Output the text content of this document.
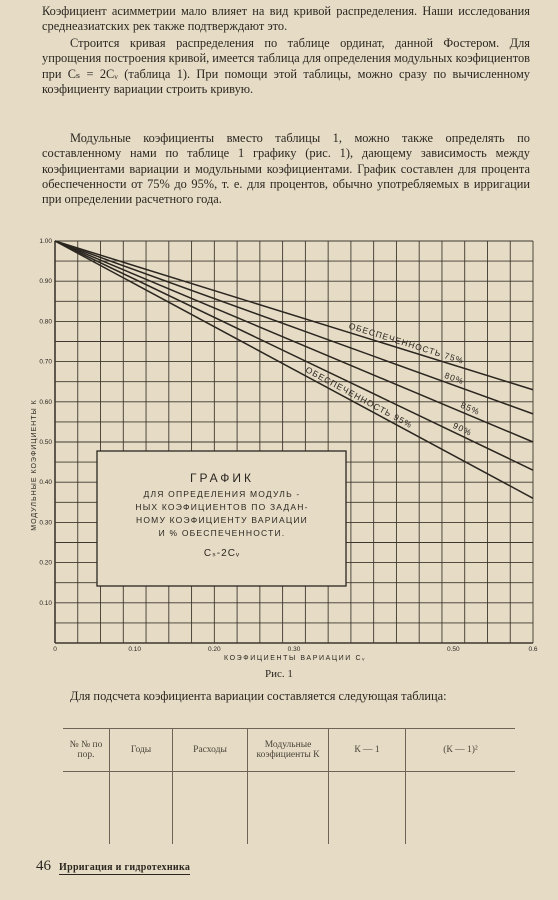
Коэфициент асимметрии мало влияет на вид кривой распределения. Наши исследования среднеазиатских рек также подтверждают это.

Строится кривая распределения по таблице ординат, данной Фостером. Для упрощения построения кривой, имеется таблица для определения модульных коэфициентов при Cₛ = 2Cᵥ (таблица 1). При помощи этой таблицы, можно сразу по вычисленному коэфициенту вариации строить кривую.

Модульные коэфициенты вместо таблицы 1, можно также определять по составленному нами по таблице 1 графику (рис. 1), дающему зависимость между коэфициентами вариации и модульными коэфициентами. График составлен для процента обеспеченности от 75% до 95%, т. е. для процентов, обычно употребляемых в ирригации при определении расчетного года.

ОБЕСПЕЧЕННОСТЬ 75%
80%
85%
90%
ОБЕСПЕЧЕННОСТЬ 95%
0	0.10	0.20	0.30	0.50	0.6
1.00
0.90
0.80
0.70
0.60
0.50
0.40
0.30
0.20
0.10
ГРАФИК
ДЛЯ ОПРЕДЕЛЕНИЯ МОДУЛЬ -
НЫХ КОЭФИЦИЕНТОВ ПО ЗАДАН-
НОМУ КОЭФИЦИЕНТУ ВАРИАЦИИ
И % ОБЕСПЕЧЕННОСТИ.
Cₛ-2Cᵥ
МОДУЛЬНЫЕ КОЭФИЦИЕНТЫ К
КОЭФИЦИЕНТЫ ВАРИАЦИИ Cᵥ
Рис. 1

Для подсчета коэфициента вариации составляется следующая таблица:

№ № по пор.	Годы	Расходы	Модульные коэфициенты К	К — 1	(К — 1)²

46 Ирригация и гидротехника
